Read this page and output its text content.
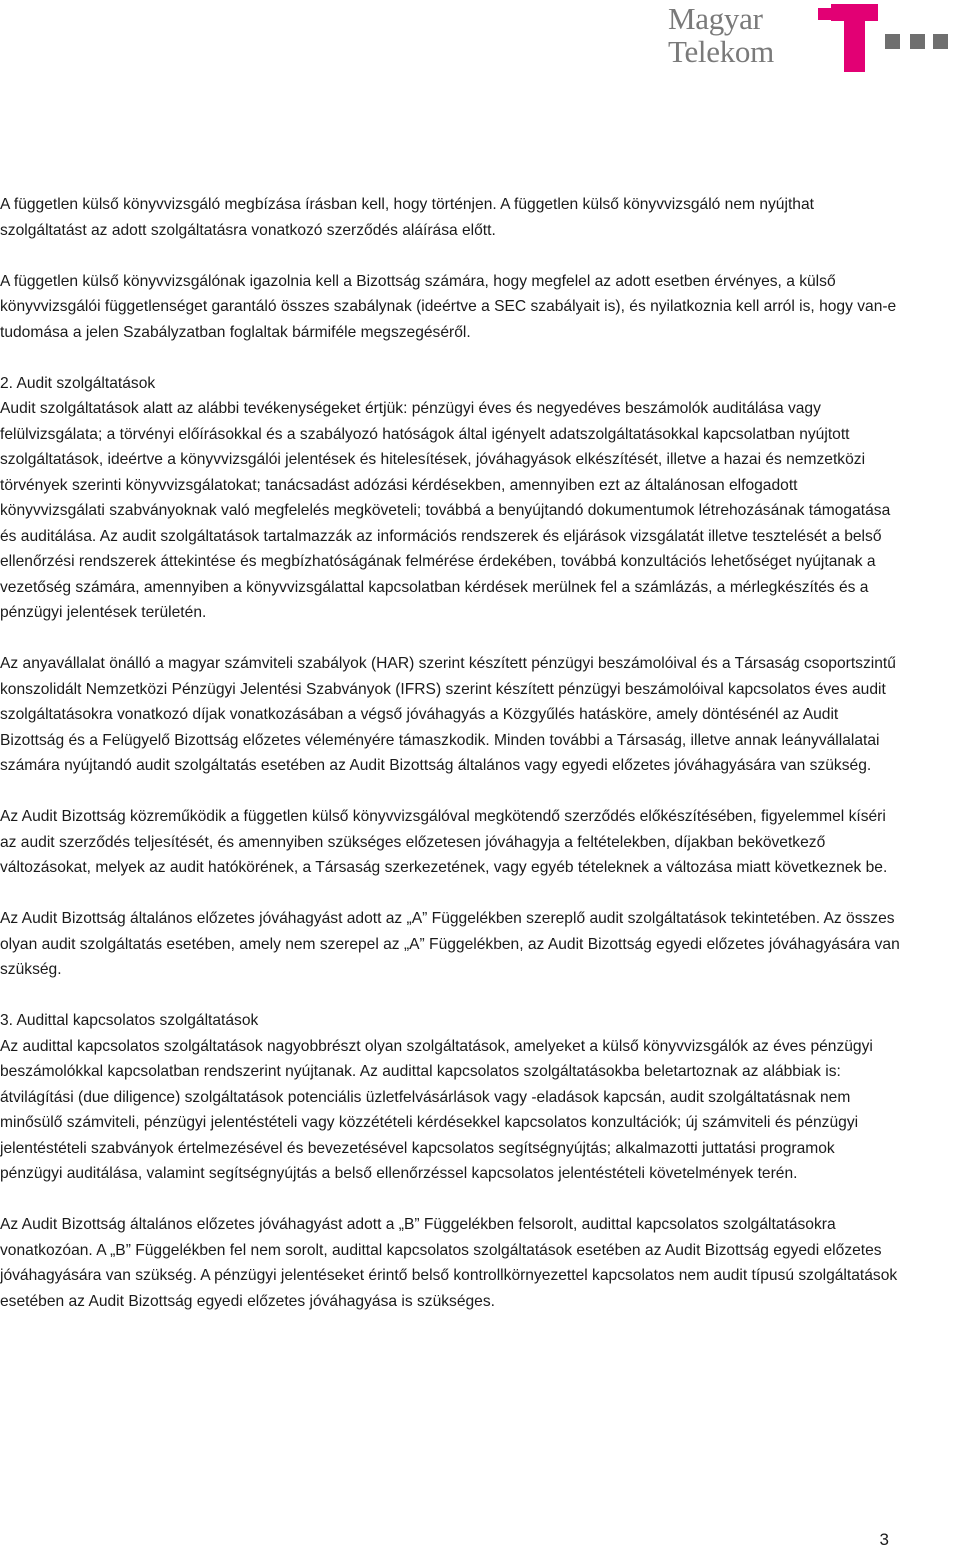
Magyar
Telekom

A független külső könyvvizsgáló megbízása írásban kell, hogy történjen. A független külső könyvvizsgáló nem nyújthat szolgáltatást az adott szolgáltatásra vonatkozó szerződés aláírása előtt.

A független külső könyvvizsgálónak igazolnia kell a Bizottság számára, hogy megfelel az adott esetben érvényes, a külső könyvvizsgálói függetlenséget garantáló összes szabálynak (ideértve a SEC szabályait is), és nyilatkoznia kell arról is, hogy van-e tudomása a jelen Szabályzatban foglaltak bármiféle megszegéséről.

2. Audit szolgáltatások

Audit szolgáltatások alatt az alábbi tevékenységeket értjük: pénzügyi éves és negyedéves beszámolók auditálása vagy felülvizsgálata; a törvényi előírásokkal és a szabályozó hatóságok által igényelt adatszolgáltatásokkal kapcsolatban nyújtott szolgáltatások, ideértve a könyvvizsgálói jelentések és hitelesítések, jóváhagyások elkészítését, illetve a hazai és nemzetközi törvények szerinti könyvvizsgálatokat; tanácsadást adózási kérdésekben, amennyiben ezt az általánosan elfogadott könyvvizsgálati szabványoknak való megfelelés megköveteli; továbbá a benyújtandó dokumentumok létrehozásának támogatása és auditálása. Az audit szolgáltatások tartalmazzák az információs rendszerek és eljárások vizsgálatát illetve tesztelését a belső ellenőrzési rendszerek áttekintése és megbízhatóságának felmérése érdekében, továbbá konzultációs lehetőséget nyújtanak a vezetőség számára, amennyiben a könyvvizsgálattal kapcsolatban kérdések merülnek fel a számlázás, a mérlegkészítés és a pénzügyi jelentések területén.

Az anyavállalat önálló a magyar számviteli szabályok (HAR) szerint készített pénzügyi beszámolóival és a Társaság csoportszintű konszolidált Nemzetközi Pénzügyi Jelentési Szabványok (IFRS) szerint készített pénzügyi beszámolóival kapcsolatos éves audit szolgáltatásokra vonatkozó díjak vonatkozásában a végső jóváhagyás a Közgyűlés hatásköre, amely döntésénél az Audit Bizottság és a Felügyelő Bizottság előzetes véleményére támaszkodik. Minden további a Társaság, illetve annak leányvállalatai számára nyújtandó audit szolgáltatás esetében az Audit Bizottság általános vagy egyedi előzetes jóváhagyására van szükség.

Az Audit Bizottság közreműködik a független külső könyvvizsgálóval megkötendő szerződés előkészítésében, figyelemmel kíséri az audit szerződés teljesítését, és amennyiben szükséges előzetesen jóváhagyja a feltételekben, díjakban bekövetkező változásokat, melyek az audit hatókörének, a Társaság szerkezetének, vagy egyéb tételeknek a változása miatt következnek be.

Az Audit Bizottság általános előzetes jóváhagyást adott az „A” Függelékben szereplő audit szolgáltatások tekintetében. Az összes olyan audit szolgáltatás esetében, amely nem szerepel az „A” Függelékben, az Audit Bizottság egyedi előzetes jóváhagyására van szükség.

3. Audittal kapcsolatos szolgáltatások

Az audittal kapcsolatos szolgáltatások nagyobbrészt olyan szolgáltatások, amelyeket a külső könyvvizsgálók az éves pénzügyi beszámolókkal kapcsolatban rendszerint nyújtanak. Az audittal kapcsolatos szolgáltatásokba beletartoznak az alábbiak is: átvilágítási (due diligence) szolgáltatások potenciális üzletfelvásárlások vagy -eladások kapcsán, audit szolgáltatásnak nem minősülő számviteli, pénzügyi jelentéstételi vagy közzétételi kérdésekkel kapcsolatos konzultációk; új számviteli és pénzügyi jelentéstételi szabványok értelmezésével és bevezetésével kapcsolatos segítségnyújtás; alkalmazotti juttatási programok pénzügyi auditálása, valamint segítségnyújtás a belső ellenőrzéssel kapcsolatos jelentéstételi követelmények terén.

Az Audit Bizottság általános előzetes jóváhagyást adott a „B” Függelékben felsorolt, audittal kapcsolatos szolgáltatásokra vonatkozóan. A „B” Függelékben fel nem sorolt, audittal kapcsolatos szolgáltatások esetében az Audit Bizottság egyedi előzetes jóváhagyására van szükség. A pénzügyi jelentéseket érintő belső kontrollkörnyezettel kapcsolatos nem audit típusú szolgáltatások esetében az Audit Bizottság egyedi előzetes jóváhagyása is szükséges.

3
